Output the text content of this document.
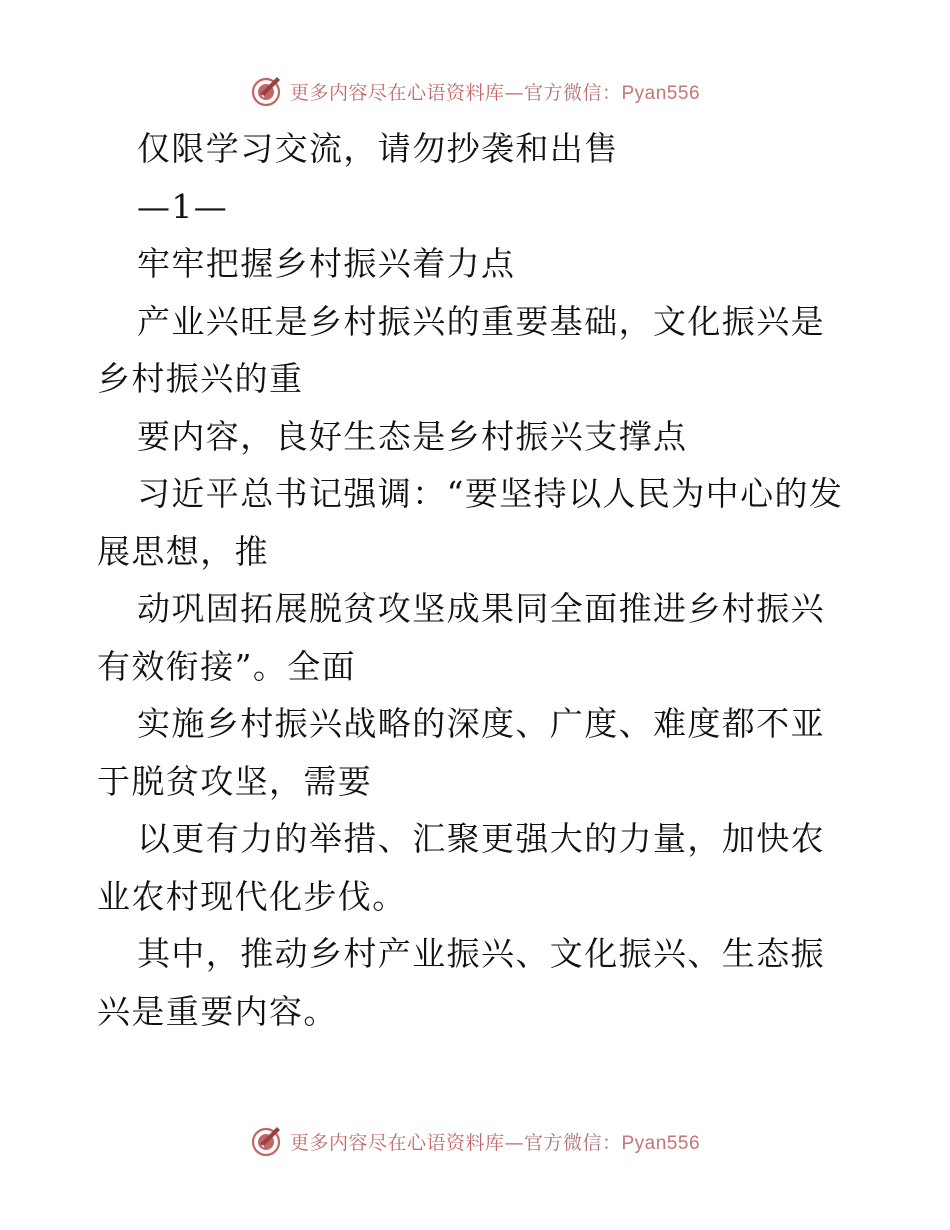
更多内容尽在心语资料库—官方微信：Pyan556

仅限学习交流，请勿抄袭和出售

—1—

牢牢把握乡村振兴着力点

产业兴旺是乡村振兴的重要基础，文化振兴是乡村振兴的重

要内容，良好生态是乡村振兴支撑点

习近平总书记强调：“要坚持以人民为中心的发展思想，推

动巩固拓展脱贫攻坚成果同全面推进乡村振兴有效衔接”。全面

实施乡村振兴战略的深度、广度、难度都不亚于脱贫攻坚，需要

以更有力的举措、汇聚更强大的力量，加快农业农村现代化步伐。

其中，推动乡村产业振兴、文化振兴、生态振兴是重要内容。

更多内容尽在心语资料库—官方微信：Pyan556
